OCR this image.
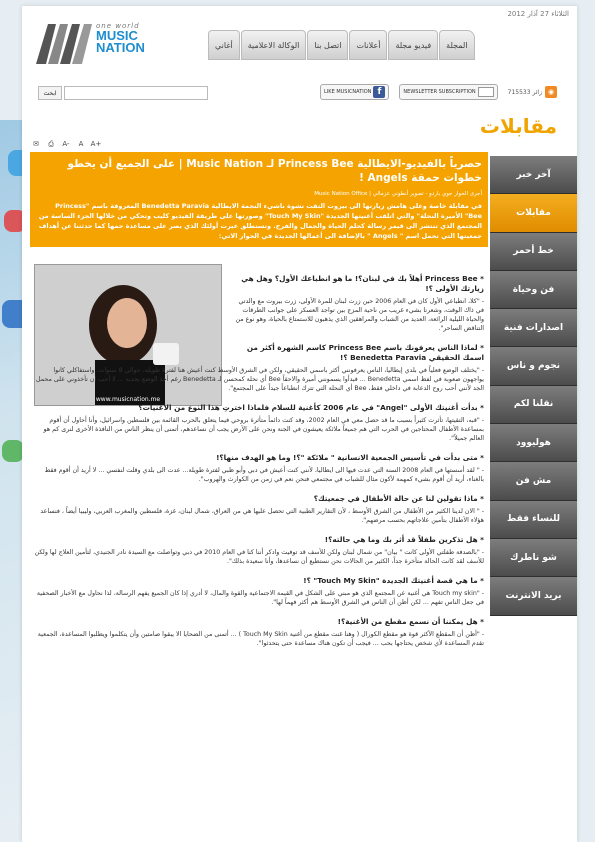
الثلاثاء 27 آذار 2012
one world
MUSIC
NATION	المجلة
فيديو مجلة
أعلانات
اتصل بنا
الوكالة الاعلامية
أغاني
ابحث	715533 زائر ◉
NEWSLETTER SUBSCRIPTION
f
LIKE MUSICNATION
مقابلات
✉	⎙	A-	A	A+
آخر خبر
مقابلات
خط أحمر
فن وحياة
اصدارات فنية
نجوم و ناس
نقلنا لكم
هوليوود
مش فن
للنساء فقط
شو ناطرك
بريد الانترنت
حصرياً بالفيديو-الايطالية Princess Bee لـ Music Nation | على الجميع أن يخطو خطوات حمقة Angels !
أجرى الحوار جوي باردو - تصوير أنطوني عزمالي | Music Nation Office
في مقابلة خاصة وعلى هامش زيارتها الى بيروت التقت نشوة ناشيء النجمة الايطالية Benedetta Paravia المعروفة باسم "Princess Bee" الأميرة النحلة" والتي اتلقب أغنيتها الجديدة "Touch My Skin" وصورتها على طريقة الفيديو كليب وتحكي من خلالها الجزء الساسة من المجتمع الذي تنتشر الى قيمر رسالة كحلم الحياة والجمال والفرح. وتستطلق عبرت أولئك الذي يصر على مساعدة حمها كما حدثتنا عن أهداف جمعيتها التي تحمل اسم " Angels " بالإضافة الى أعمالها الجديدة في الحوار الاتي:
www.musicnation.me
* Princess Bee أهلاً بك في لبنان؟! ما هو انطباعك الأول؟ وهل هي زيارتك الأولى ؟!
- "كلا، انطباعي الأول كان في العام 2006 حين زرت لبنان للمرة الأولى، زرت بيروت مع والدتي في ذاك الوقت، وشعرنا بشيء غريب من ناحية المزج بين تواجد العسكر على جوانب الطرقات والحياة الليلية الرائعة، العديد من الشباب والمراهقين الذي يذهبون للاستمتاع بالحياة، وهو نوع من التناقض الساحر".
* لماذا الناس يعرفونك باسم Princess Bee كاسم الشهرة أكثر من اسمك الحقيقي Benedetta Paravia ؟!
- "يختلف الوضع فعلياً في بلدي إيطاليا، الناس يعرفونني أكثر باسمي الحقيقي، ولكن في الشرق الأوسط كنت أعيش هنا لفترة طويلة، حوالي 8 سنوات، واستفاكلي كانوا يواجهون صعوبة في لفظ اسمي Benedetta ... فبدأوا يسمونني أميرة والاحقاً Bee أي نحلة كمحسن لـ Benedetta رغم أخذ الوضع بجدية ... لا أحب أن تأخذوني على محمل الجد لأنني أحب روح الدعابة في داخلي فقط، Bee أي النحلة التي تترك انطباعاً جيداً على المجتمع".
* بدأت أغنيتك الأولى "Angel" في عام 2006 كأغنية للسلام فلماذا اخترتِ هذا النوع من الأغنيات؟
- "قبه، التقيتها، تأثرت كثيراً بسبب ما قد حصل معي في العام 2002، وقد كنت دائماً متأثرة بروحي فيما يتعلق بالحرب القائمة بين فلسطين واسرائيل، وأنا أحاول أن أقوم بمساعدة الأطفال المحتاجين في الحرب التي هم جميعاً ملائكة يعيشون في الجنة ونحن على الأرض يجب أن نساعدهم، أتمنى أن ينظر الناس من النافذة الأخرى لنرى كم هو العالم جميلاً".
* متى بدأت في تأسيس الجمعية الانسانية " ملائكة "؟! وما هو الهدف منها؟!
- " لقد أسستها في العام 2008 السنة التي عدت فيها الى ايطاليا، لأنني كنت أعيش في دبي وأبو ظبي لفترة طويلة... عدت الى بلدي وقلت لنفسي ... لا أريد أن أقوم فقط بالغناء، أريد أن أقوم بشيء كمهمة لأكون مثال للشباب في مجتمعي فنحن نعم في زمن من الكوارث والهروب".
* ماذا تقولين لنا عن حالة الأطفال في جمعيتك؟
- " الان لدينا الكثير من الأطفال من الشرق الأوسط ، لأن التقارير الطبية التي تحصل عليها هي من العراق، شمال لبنان، غزة، فلسطين والمغرب العربي، وليبيا أيضاً ، فنساعد هؤلاء الأطفال بتأمين علاجاتهم بحسب مرضهم".
* هل تذكرين طفلاً قد أثر بك وما هي حالته؟!
- "بالصدفة طفلتي الأولى كانت " بيان" من شمال لبنان ولكن للأسف قد توفيت وادكر أننا كنا في العام 2010 في دبي وتواصلت مع السيدة نادر الجنيدي، لتأمين العلاج لها ولكن للأسف لقد كانت الحالة متأخرة جداً، الكثير من الحالات نحن نستطيع أن نساعدها، وأنا سعيدة بذلك".
* ما هي قصة أغنيتك الجديدة "Touch My Skin" ؟!
- "Touch my skin هي أغنية عن المجتمع الذي هو مبني على الشكل في القيمة الاجتماعية والقوة والمال، لا أدري إذا كان الجميع يفهم الرسالة، لذا نحاول مع الأخبار الصحفية في جعل الناس تفهم ... لكن أظن أن الناس في الشرق الأوسط هم أكثر فهماً لها".
* هل يمكننا أن نسمع مقطع من الأغنية؟!
- "أظن أن المقطع الأكثر قوة هو مقطع الكورال ( وهنا غنت مقطع من أغنية Touch My Skin ) ... أتمنى من الضحايا الا يبقوا صامتين وأن يتكلموا ويطلبوا المساعدة، الجمعية تقدم المساعدة لأي شخص يحتاجها بحب ... فيجب أن تكون هناك مساعدة حتى يتحدثوا".
